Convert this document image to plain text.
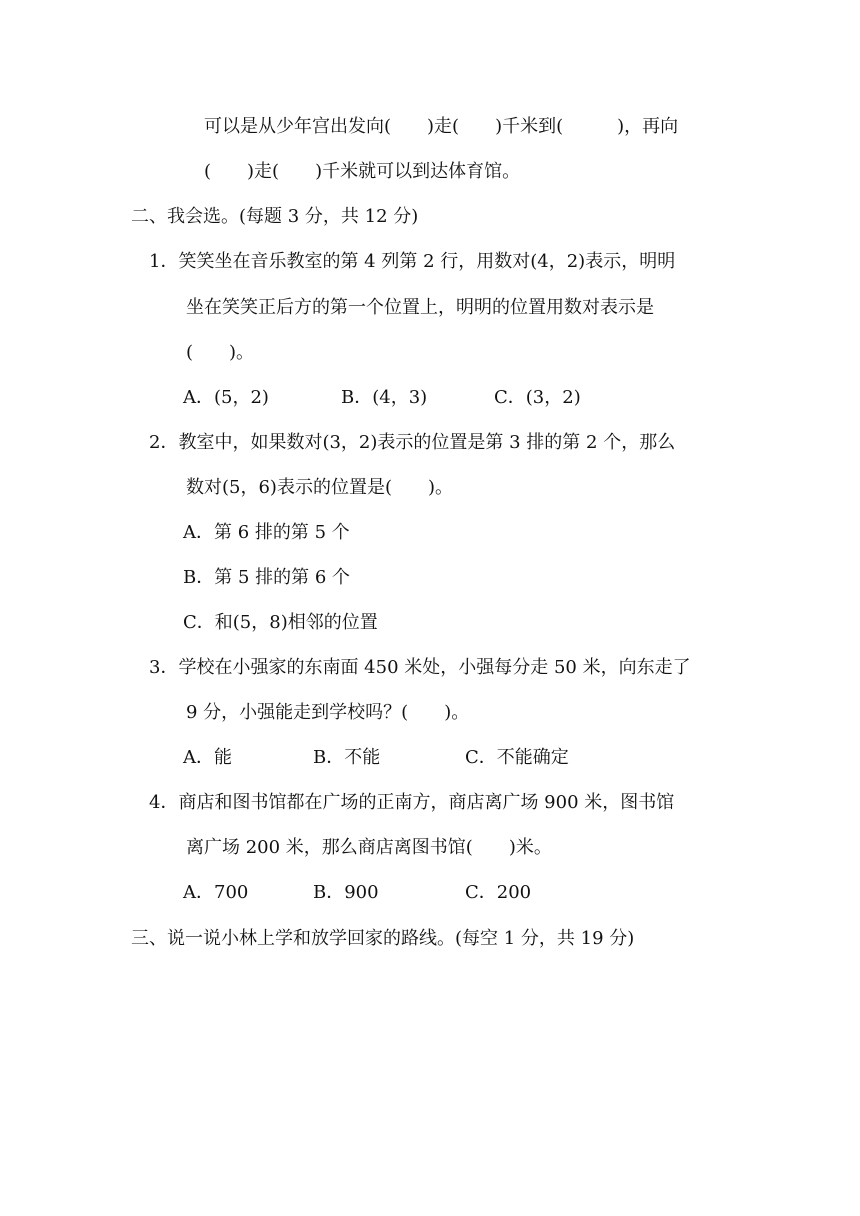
可以是从少年宫出发向(　　)走(　　)千米到(　　　)，再向
(　　)走(　　)千米就可以到达体育馆。
二、我会选。(每题 3 分，共 12 分)
1．笑笑坐在音乐教室的第 4 列第 2 行，用数对(4，2)表示，明明
坐在笑笑正后方的第一个位置上，明明的位置用数对表示是
(　　)。
A．(5，2)	B．(4，3)	C．(3，2)
2．教室中，如果数对(3，2)表示的位置是第 3 排的第 2 个，那么
数对(5，6)表示的位置是(　　)。
A．第 6 排的第 5 个
B．第 5 排的第 6 个
C．和(5，8)相邻的位置
3．学校在小强家的东南面 450 米处，小强每分走 50 米，向东走了
9 分，小强能走到学校吗？(　　)。
A．能	B．不能	C．不能确定
4．商店和图书馆都在广场的正南方，商店离广场 900 米，图书馆
离广场 200 米，那么商店离图书馆(　　)米。
A．700	B．900	C．200
三、说一说小林上学和放学回家的路线。(每空 1 分，共 19 分)
